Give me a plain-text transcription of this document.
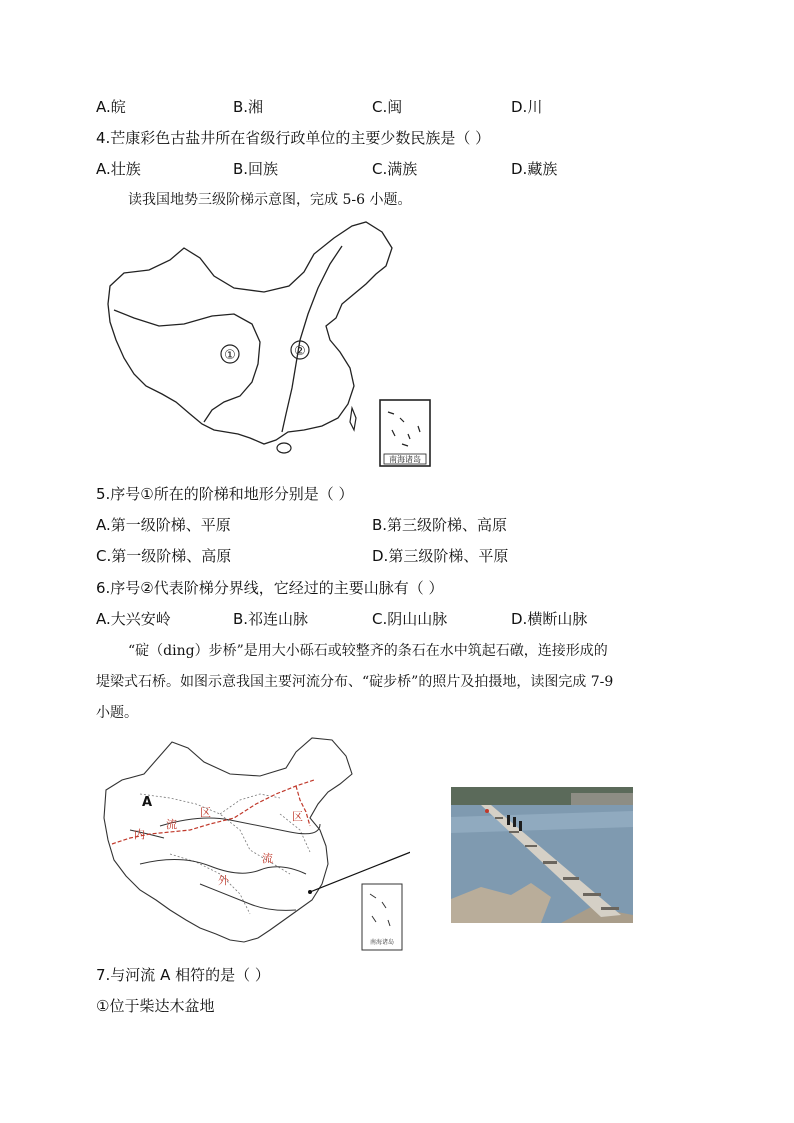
A.皖	B.湘	C.闽	D.川
4.芒康彩色古盐井所在省级行政单位的主要少数民族是（ ）
A.壮族	B.回族	C.满族	D.藏族
读我国地势三级阶梯示意图，完成 5-6 小题。
①	②
南海诸岛
5.序号①所在的阶梯和地形分别是（ ）
A.第一级阶梯、平原	B.第三级阶梯、高原
C.第一级阶梯、高原	D.第三级阶梯、平原
6.序号②代表阶梯分界线，它经过的主要山脉有（ ）
A.大兴安岭	B.祁连山脉	C.阴山山脉	D.横断山脉
“碇（ding）步桥”是用大小砾石或较整齐的条石在水中筑起石礅，连接形成的
堤梁式石桥。如图示意我国主要河流分布、“碇步桥”的照片及拍摄地，读图完成 7-9
小题。
A
内
流
区
外
流
区
南海诸岛
7.与河流 A 相符的是（ ）
①位于柴达木盆地
